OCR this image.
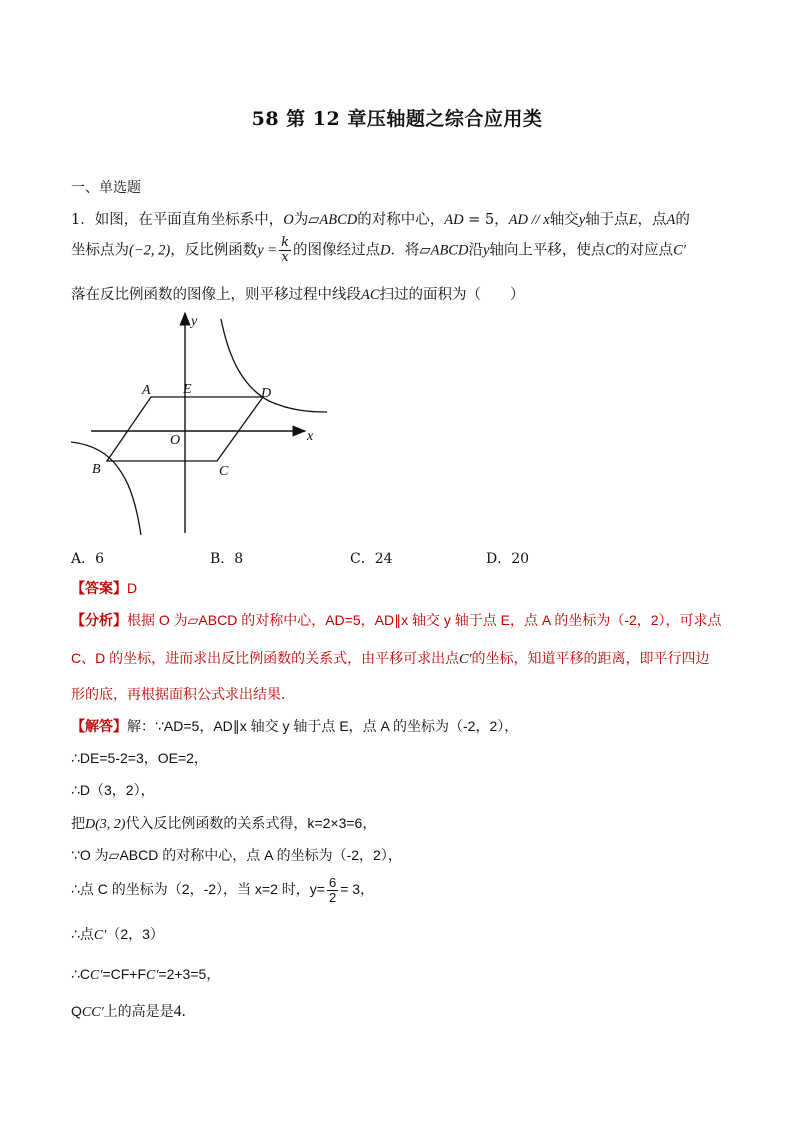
58 第 12 章压轴题之综合应用类
一、单选题
1．如图，在平面直角坐标系中，O为▱ABCD的对称中心，AD = 5，AD // x轴交y轴于点E，点A的
坐标点为(−2, 2)，反比例函数$y = \frac{k}{x}$ 的图像经过点D．将▱ABCD沿y轴向上平移，使点C的对应点C′
落在反比例函数的图像上，则平移过程中线段AC扫过的面积为（　　）
y
x
A E	D
O
B	C
A．6	B．8	C．24	D．20
【答案】D
【分析】根据 O 为▱ABCD 的对称中心，AD=5，AD∥x 轴交 y 轴于点 E，点 A 的坐标为（-2，2），可求点
C、D 的坐标，进而求出反比例函数的关系式，由平移可求出点C′的坐标，知道平移的距离，即平行四边
形的底，再根据面积公式求出结果．
【解答】解：∵AD=5，AD∥x 轴交 y 轴于点 E，点 A 的坐标为（-2，2），
∴DE=5-2=3，OE=2，
∴D（3，2），
把D(3, 2)代入反比例函数的关系式得，k=2×3=6，
∵O 为▱ABCD 的对称中心，点 A 的坐标为（-2，2），
∴点 C 的坐标为（2，-2），当 x=2 时，$y= \frac{6}{2} = 3$，
∴点C′（2，3）
∴CC′=CF+FC′=2+3=5，
QCC′上的高是是4.
